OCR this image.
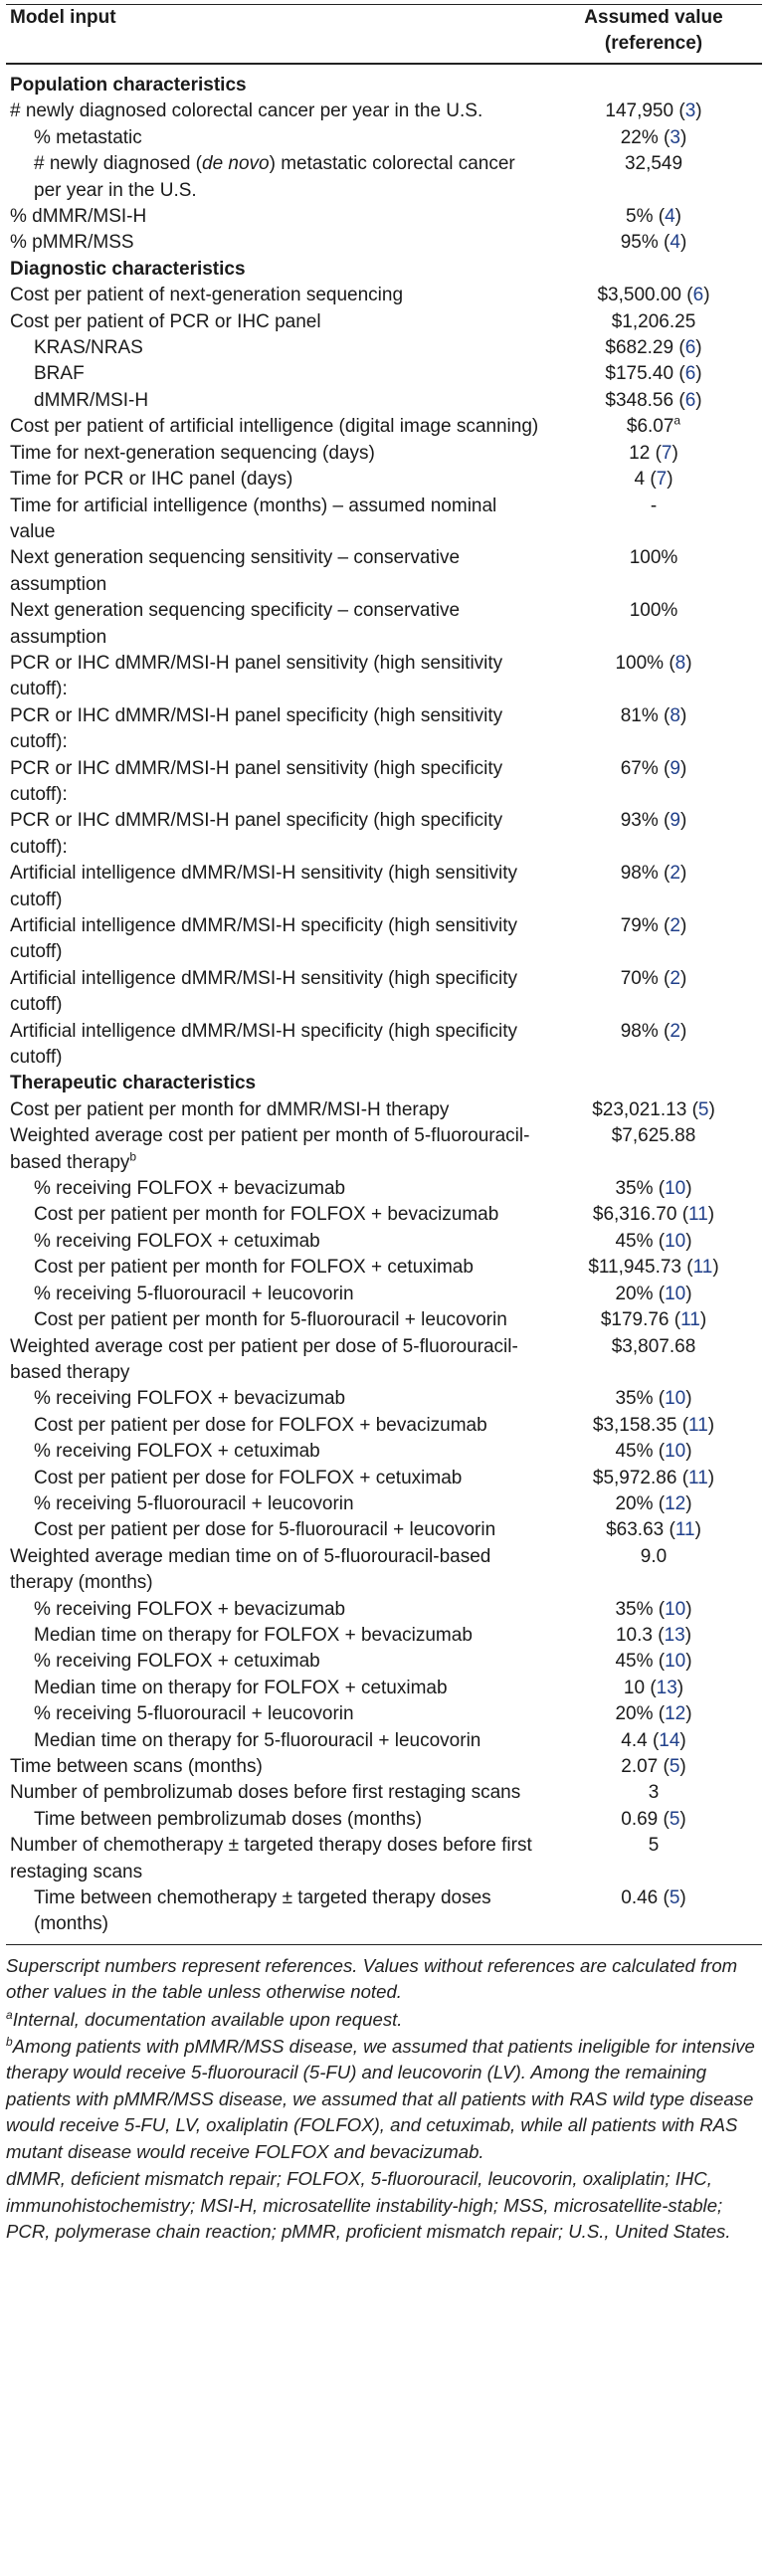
Model input	Assumed value
(reference)
Population characteristics	
# newly diagnosed colorectal cancer per year in the U.S.	147,950 (3)
% metastatic	22% (3)
# newly diagnosed (de novo) metastatic colorectal cancer per year in the U.S.	32,549
% dMMR/MSI-H	5% (4)
% pMMR/MSS	95% (4)
Diagnostic characteristics	
Cost per patient of next-generation sequencing	$3,500.00 (6)
Cost per patient of PCR or IHC panel	$1,206.25
KRAS/NRAS	$682.29 (6)
BRAF	$175.40 (6)
dMMR/MSI-H	$348.56 (6)
Cost per patient of artificial intelligence (digital image scanning)	$6.07$^a$
Time for next-generation sequencing (days)	12 (7)
Time for PCR or IHC panel (days)	4 (7)
Time for artificial intelligence (months) – assumed nominal value	-
Next generation sequencing sensitivity – conservative assumption	100%
Next generation sequencing specificity – conservative assumption	100%
PCR or IHC dMMR/MSI-H panel sensitivity (high sensitivity cutoff):	100% (8)
PCR or IHC dMMR/MSI-H panel specificity (high sensitivity cutoff):	81% (8)
PCR or IHC dMMR/MSI-H panel sensitivity (high specificity cutoff):	67% (9)
PCR or IHC dMMR/MSI-H panel specificity (high specificity cutoff):	93% (9)
Artificial intelligence dMMR/MSI-H sensitivity (high sensitivity cutoff)	98% (2)
Artificial intelligence dMMR/MSI-H specificity (high sensitivity cutoff)	79% (2)
Artificial intelligence dMMR/MSI-H sensitivity (high specificity cutoff)	70% (2)
Artificial intelligence dMMR/MSI-H specificity (high specificity cutoff)	98% (2)
Therapeutic characteristics	
Cost per patient per month for dMMR/MSI-H therapy	$23,021.13 (5)
Weighted average cost per patient per month of 5-fluorouracil-based therapy$^b$	$7,625.88
% receiving FOLFOX + bevacizumab	35% (10)
Cost per patient per month for FOLFOX + bevacizumab	$6,316.70 (11)
% receiving FOLFOX + cetuximab	45% (10)
Cost per patient per month for FOLFOX + cetuximab	$11,945.73 (11)
% receiving 5-fluorouracil + leucovorin	20% (10)
Cost per patient per month for 5-fluorouracil + leucovorin	$179.76 (11)
Weighted average cost per patient per dose of 5-fluorouracil-based therapy	$3,807.68
% receiving FOLFOX + bevacizumab	35% (10)
Cost per patient per dose for FOLFOX + bevacizumab	$3,158.35 (11)
% receiving FOLFOX + cetuximab	45% (10)
Cost per patient per dose for FOLFOX + cetuximab	$5,972.86 (11)
% receiving 5-fluorouracil + leucovorin	20% (12)
Cost per patient per dose for 5-fluorouracil + leucovorin	$63.63 (11)
Weighted average median time on of 5-fluorouracil-based therapy (months)	9.0
% receiving FOLFOX + bevacizumab	35% (10)
Median time on therapy for FOLFOX + bevacizumab	10.3 (13)
% receiving FOLFOX + cetuximab	45% (10)
Median time on therapy for FOLFOX + cetuximab	10 (13)
% receiving 5-fluorouracil + leucovorin	20% (12)
Median time on therapy for 5-fluorouracil + leucovorin	4.4 (14)
Time between scans (months)	2.07 (5)
Number of pembrolizumab doses before first restaging scans	3
Time between pembrolizumab doses (months)	0.69 (5)
Number of chemotherapy ± targeted therapy doses before first restaging scans	5
Time between chemotherapy ± targeted therapy doses (months)	0.46 (5)

Superscript numbers represent references. Values without references are calculated from other values in the table unless otherwise noted.

$^a$Internal, documentation available upon request.

$^b$Among patients with pMMR/MSS disease, we assumed that patients ineligible for intensive therapy would receive 5-fluorouracil (5-FU) and leucovorin (LV). Among the remaining patients with pMMR/MSS disease, we assumed that all patients with RAS wild type disease would receive 5-FU, LV, oxaliplatin (FOLFOX), and cetuximab, while all patients with RAS mutant disease would receive FOLFOX and bevacizumab.

dMMR, deficient mismatch repair; FOLFOX, 5-fluorouracil, leucovorin, oxaliplatin; IHC, immunohistochemistry; MSI-H, microsatellite instability-high; MSS, microsatellite-stable; PCR, polymerase chain reaction; pMMR, proficient mismatch repair; U.S., United States.
